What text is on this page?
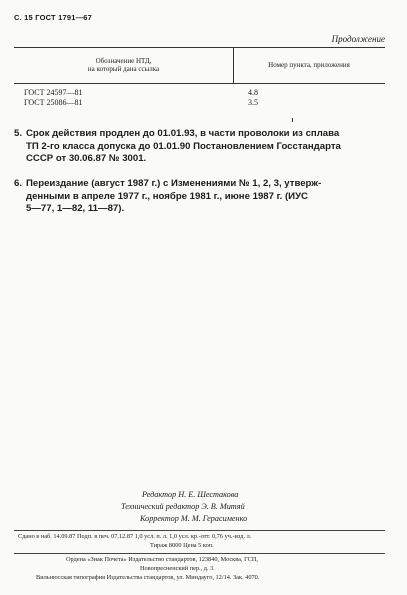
С. 15 ГОСТ 1791—67
Продолжение
Обозначение НТД,
на который дана ссылка	Номер пункта, приложения
ГОСТ 24597—81	4.8
ГОСТ 25086—81	3.5
5. Срок действия продлен до 01.01.93, в части проволоки из сплава
ТП 2-го класса допуска до 01.01.90 Постановлением Госстандарта
СССР от 30.06.87 № 3001.
6. Переиздание (август 1987 г.) с Изменениями № 1, 2, 3, утверж-
денными в апреле 1977 г., ноябре 1981 г., июне 1987 г. (ИУС
5—77, 1—82, 11—87).
Редактор Н. Е. Шестакова
Технический редактор Э. В. Митяй
Корректор М. М. Герасименко
Сдано в наб. 14.09.87 Подп. в печ. 07.12.87 1,0 усл. п. л. 1,0 усл. кр.-отт. 0,76 уч.-изд. л.
Тираж 8000 Цена 5 коп.
Ордена «Знак Почета» Издательство стандартов, 123840, Москва, ГСП,
Новопресненский пер., д. 3.
Вильнюсская типография Издательства стандартов, ул. Миндауго, 12/14. Зак. 4070.
